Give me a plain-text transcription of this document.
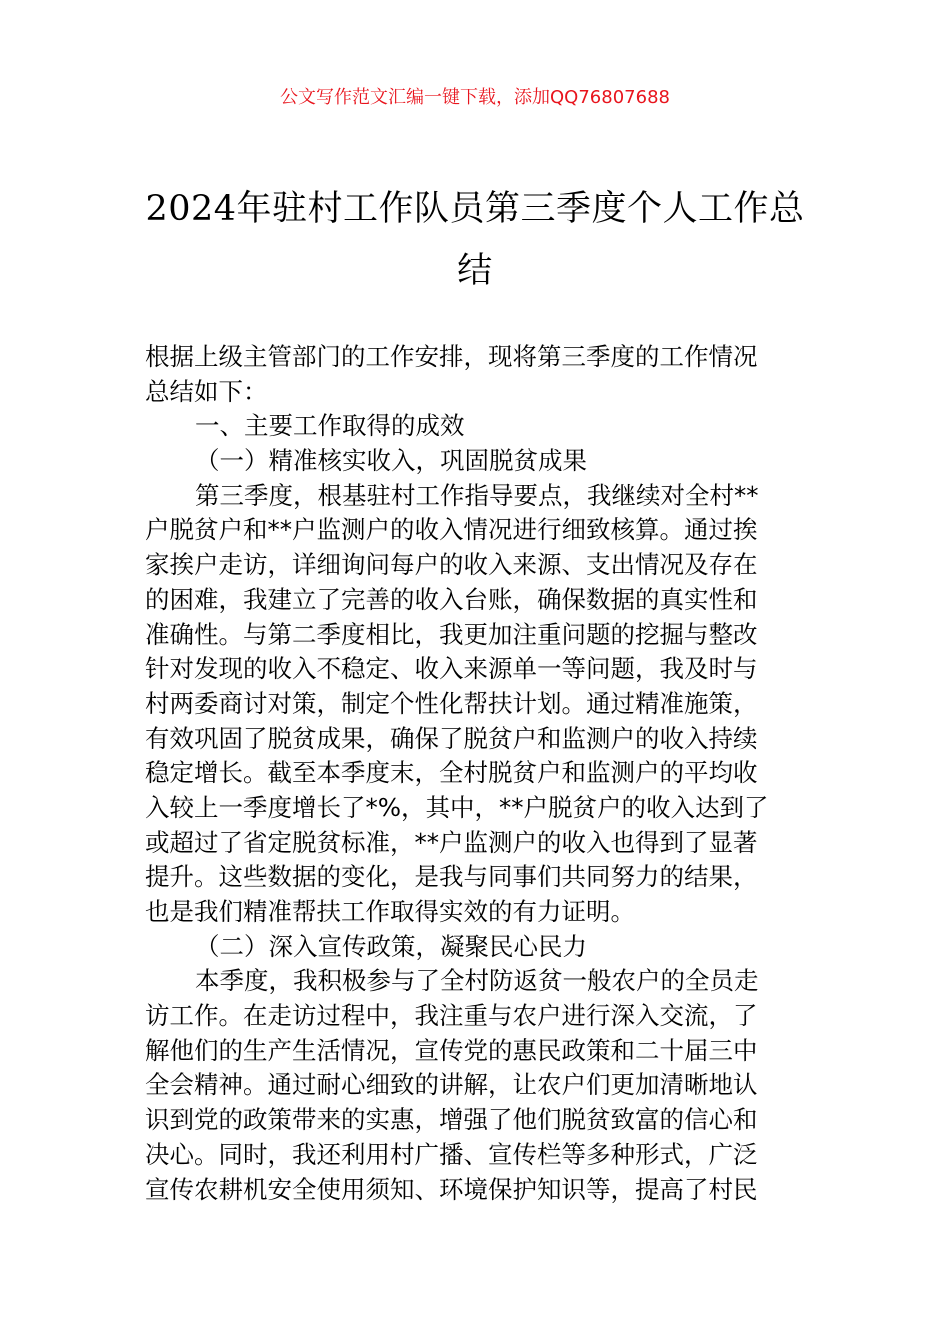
公文写作范文汇编一键下载，添加QQ76807688
2024年驻村工作队员第三季度个人工作总
结
根据上级主管部门的工作安排，现将第三季度的工作情况
总结如下：
一、主要工作取得的成效
（一）精准核实收入，巩固脱贫成果
第三季度，根基驻村工作指导要点，我继续对全村**
户脱贫户和**户监测户的收入情况进行细致核算。通过挨
家挨户走访，详细询问每户的收入来源、支出情况及存在
的困难，我建立了完善的收入台账，确保数据的真实性和
准确性。与第二季度相比，我更加注重问题的挖掘与整改
针对发现的收入不稳定、收入来源单一等问题，我及时与
村两委商讨对策，制定个性化帮扶计划。通过精准施策，
有效巩固了脱贫成果，确保了脱贫户和监测户的收入持续
稳定增长。截至本季度末，全村脱贫户和监测户的平均收
入较上一季度增长了*%，其中，**户脱贫户的收入达到了
或超过了省定脱贫标准，**户监测户的收入也得到了显著
提升。这些数据的变化，是我与同事们共同努力的结果，
也是我们精准帮扶工作取得实效的有力证明。
（二）深入宣传政策，凝聚民心民力
本季度，我积极参与了全村防返贫一般农户的全员走
访工作。在走访过程中，我注重与农户进行深入交流，了
解他们的生产生活情况，宣传党的惠民政策和二十届三中
全会精神。通过耐心细致的讲解，让农户们更加清晰地认
识到党的政策带来的实惠，增强了他们脱贫致富的信心和
决心。同时，我还利用村广播、宣传栏等多种形式，广泛
宣传农耕机安全使用须知、环境保护知识等，提高了村民
